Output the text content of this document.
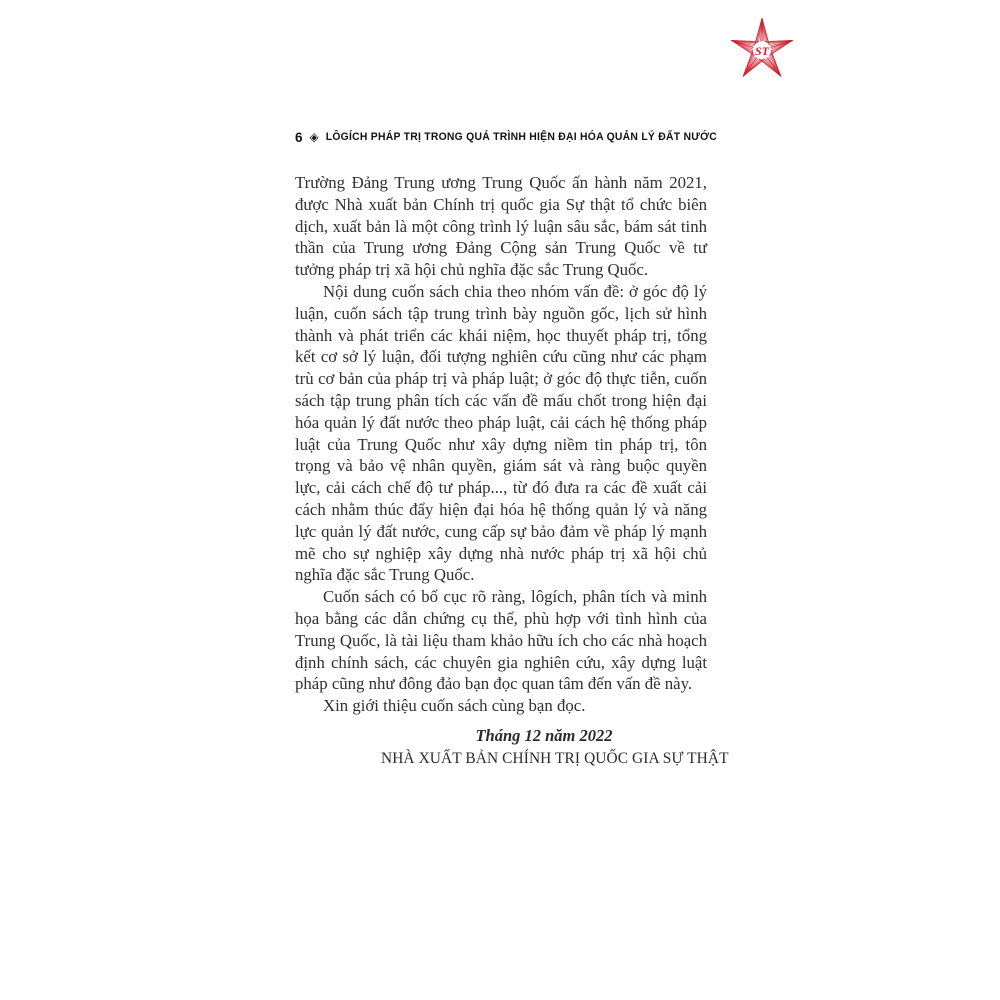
ST
6 ◈ LÔGÍCH PHÁP TRỊ TRONG QUÁ TRÌNH HIỆN ĐẠI HÓA QUẢN LÝ ĐẤT NƯỚC

Trường Đảng Trung ương Trung Quốc ấn hành năm 2021, được Nhà xuất bản Chính trị quốc gia Sự thật tổ chức biên dịch, xuất bản là một công trình lý luận sâu sắc, bám sát tinh thần của Trung ương Đảng Cộng sản Trung Quốc về tư tưởng pháp trị xã hội chủ nghĩa đặc sắc Trung Quốc.

Nội dung cuốn sách chia theo nhóm vấn đề: ở góc độ lý luận, cuốn sách tập trung trình bày nguồn gốc, lịch sử hình thành và phát triển các khái niệm, học thuyết pháp trị, tổng kết cơ sở lý luận, đối tượng nghiên cứu cũng như các phạm trù cơ bản của pháp trị và pháp luật; ở góc độ thực tiễn, cuốn sách tập trung phân tích các vấn đề mấu chốt trong hiện đại hóa quản lý đất nước theo pháp luật, cải cách hệ thống pháp luật của Trung Quốc như xây dựng niềm tin pháp trị, tôn trọng và bảo vệ nhân quyền, giám sát và ràng buộc quyền lực, cải cách chế độ tư pháp..., từ đó đưa ra các đề xuất cải cách nhằm thúc đẩy hiện đại hóa hệ thống quản lý và năng lực quản lý đất nước, cung cấp sự bảo đảm về pháp lý mạnh mẽ cho sự nghiệp xây dựng nhà nước pháp trị xã hội chủ nghĩa đặc sắc Trung Quốc.

Cuốn sách có bố cục rõ ràng, lôgích, phân tích và minh họa bằng các dẫn chứng cụ thể, phù hợp với tình hình của Trung Quốc, là tài liệu tham khảo hữu ích cho các nhà hoạch định chính sách, các chuyên gia nghiên cứu, xây dựng luật pháp cũng như đông đảo bạn đọc quan tâm đến vấn đề này.

Xin giới thiệu cuốn sách cùng bạn đọc.

Tháng 12 năm 2022
NHÀ XUẤT BẢN CHÍNH TRỊ QUỐC GIA SỰ THẬT
